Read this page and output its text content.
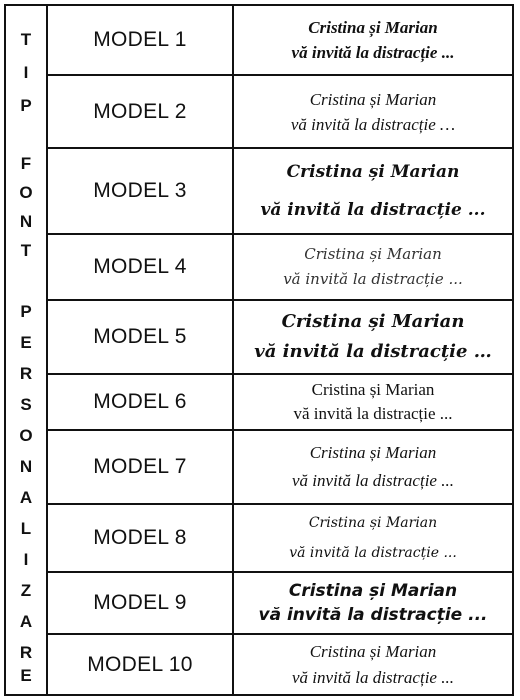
T
I
P
F
O
N
T
P
E
R
S
O
N
A
L
I
Z
A
R
E
MODEL 1
Cristina și Marian
vă invită la distracție ...
MODEL 2
Cristina și Marian
vă invită la distracție …
MODEL 3
Cristina și Marian
vă invită la distracție ...
MODEL 4
Cristina și Marian
vă invită la distracție ...
MODEL 5
Cristina și Marian
vă invită la distracție …
MODEL 6
Cristina și Marian
vă invită la distracție ...
MODEL 7
Cristina și Marian
vă invită la distracție ...
MODEL 8
Cristina și Marian
vă invită la distracție ...
MODEL 9	Cristina și Marian
vă invită la distracție ...
MODEL 10
Cristina și Marian
vă invită la distracție ...
